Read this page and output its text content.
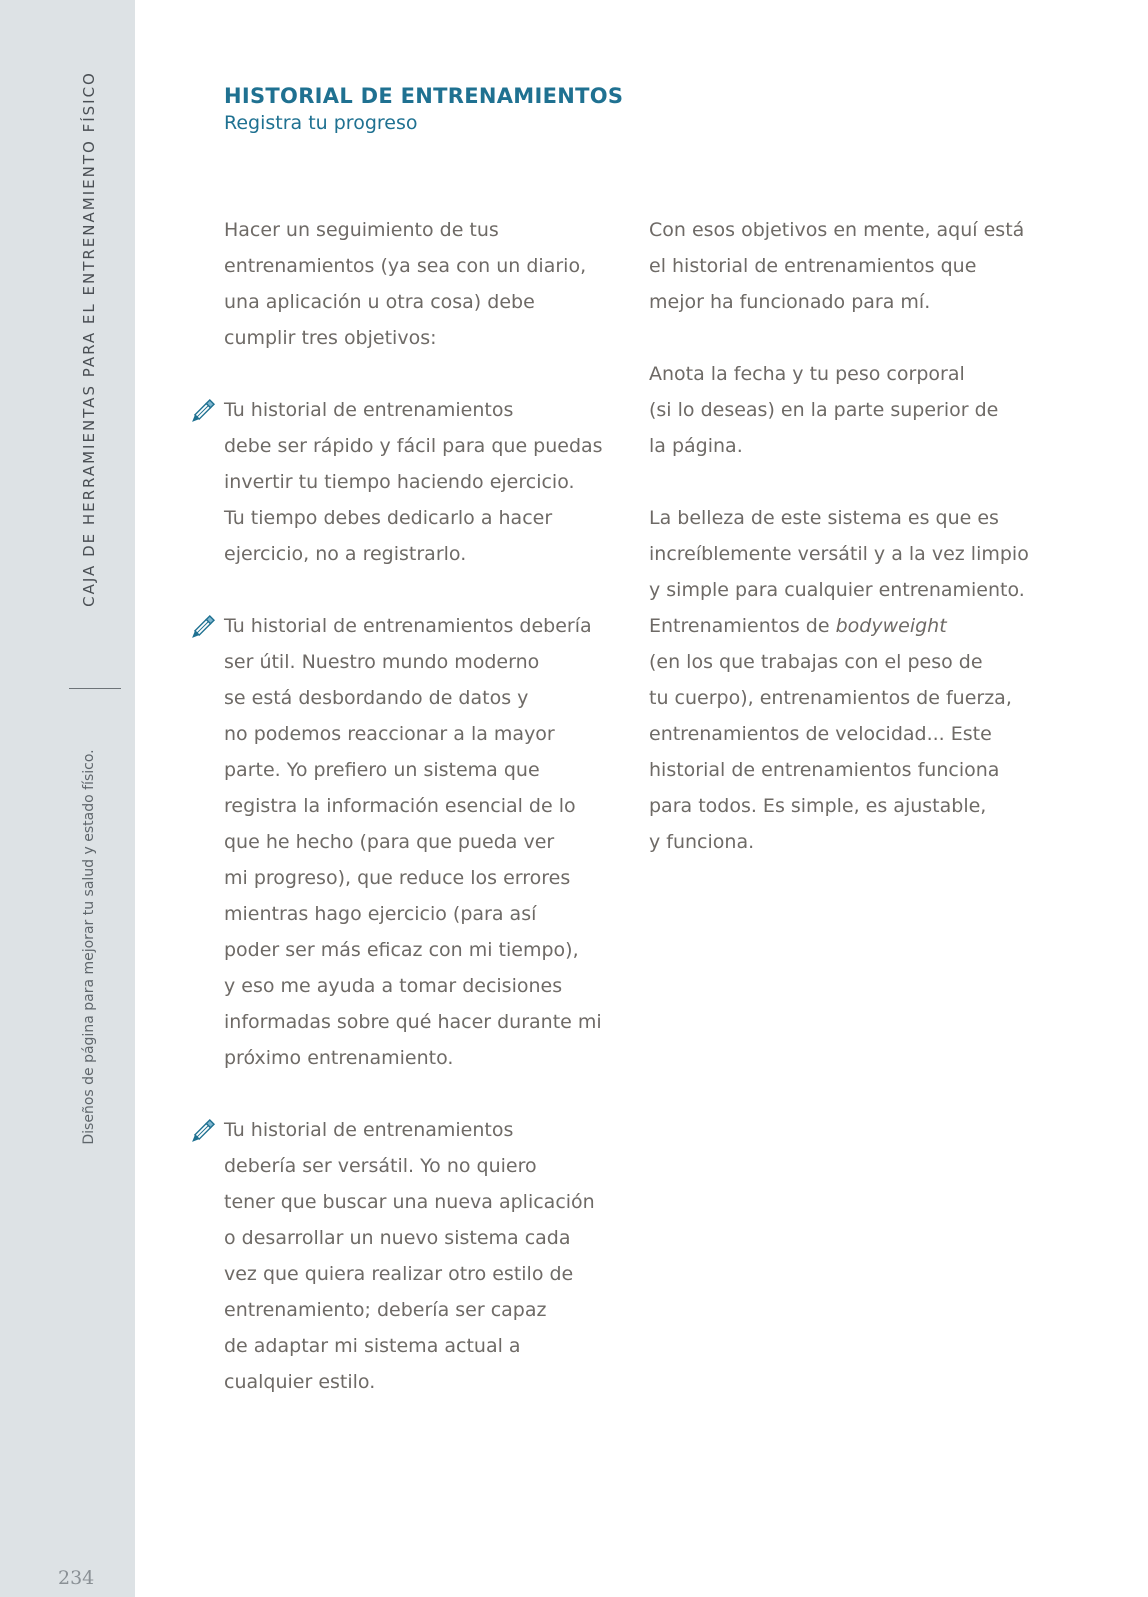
CAJA DE HERRAMIENTAS PARA EL ENTRENAMIENTO FÍSICO
Diseños de página para mejorar tu salud y estado físico.
234
HISTORIAL DE ENTRENAMIENTOS
Registra tu progreso
Hacer un seguimiento de tus
entrenamientos (ya sea con un diario,
una aplicación u otra cosa) debe
cumplir tres objetivos:
Tu historial de entrenamientos
debe ser rápido y fácil para que puedas
invertir tu tiempo haciendo ejercicio.
Tu tiempo debes dedicarlo a hacer
ejercicio, no a registrarlo.
Tu historial de entrenamientos debería
ser útil. Nuestro mundo moderno
se está desbordando de datos y
no podemos reaccionar a la mayor
parte. Yo prefiero un sistema que
registra la información esencial de lo
que he hecho (para que pueda ver
mi progreso), que reduce los errores
mientras hago ejercicio (para así
poder ser más eficaz con mi tiempo),
y eso me ayuda a tomar decisiones
informadas sobre qué hacer durante mi
próximo entrenamiento.
Tu historial de entrenamientos
debería ser versátil. Yo no quiero
tener que buscar una nueva aplicación
o desarrollar un nuevo sistema cada
vez que quiera realizar otro estilo de
entrenamiento; debería ser capaz
de adaptar mi sistema actual a
cualquier estilo.
Con esos objetivos en mente, aquí está
el historial de entrenamientos que
mejor ha funcionado para mí.
Anota la fecha y tu peso corporal
(si lo deseas) en la parte superior de
la página.
La belleza de este sistema es que es
increíblemente versátil y a la vez limpio
y simple para cualquier entrenamiento.
Entrenamientos de bodyweight
(en los que trabajas con el peso de
tu cuerpo), entrenamientos de fuerza,
entrenamientos de velocidad... Este
historial de entrenamientos funciona
para todos. Es simple, es ajustable,
y funciona.
